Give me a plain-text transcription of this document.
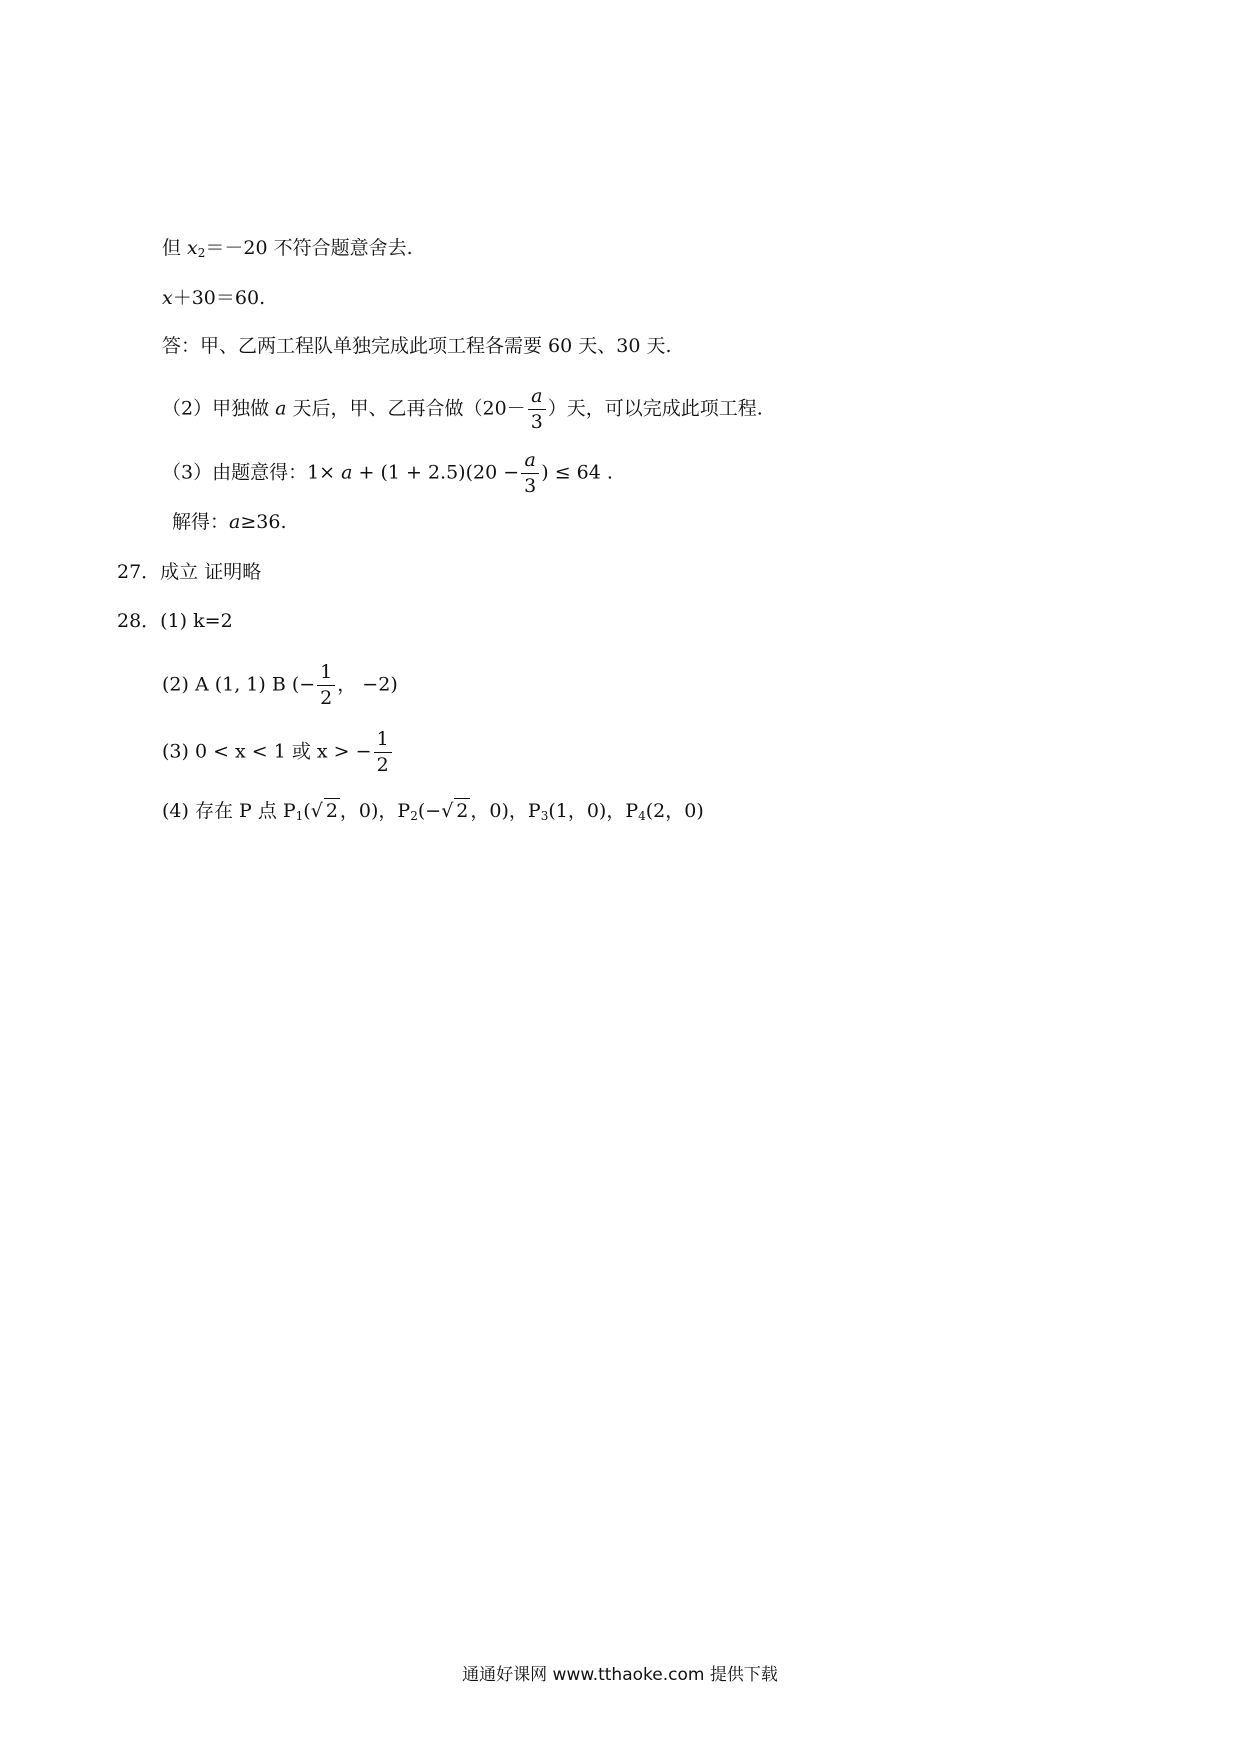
但 $x_2=-20$ 不符合题意舍去.
x＋30＝60.
答：甲、乙两工程队单独完成此项工程各需要 60 天、30 天.
（2）甲独做 a 天后，甲、乙再合做（$20- \frac{a}{3}$ ）天，可以完成此项工程.
（3）由题意得：$1\times a + (1 + 2.5)(20 - \frac{a}{3}$ ) ≤ 64 .
解得：a≥36.
27．成立 证明略
28．(1) k=2
(2) A (1, 1) B (− $\frac{1}{2}$ ， −2)
(3) 0 < x < 1 或 x > − $\frac{1}{2}$
(4) 存在 P 点 $P_1(√$ 2 ，0)，$P_2(-√$ 2 ，0)，$P_3(1$，0)，$P_4(2$，0)
通通好课网 www.tthaoke.com 提供下载
